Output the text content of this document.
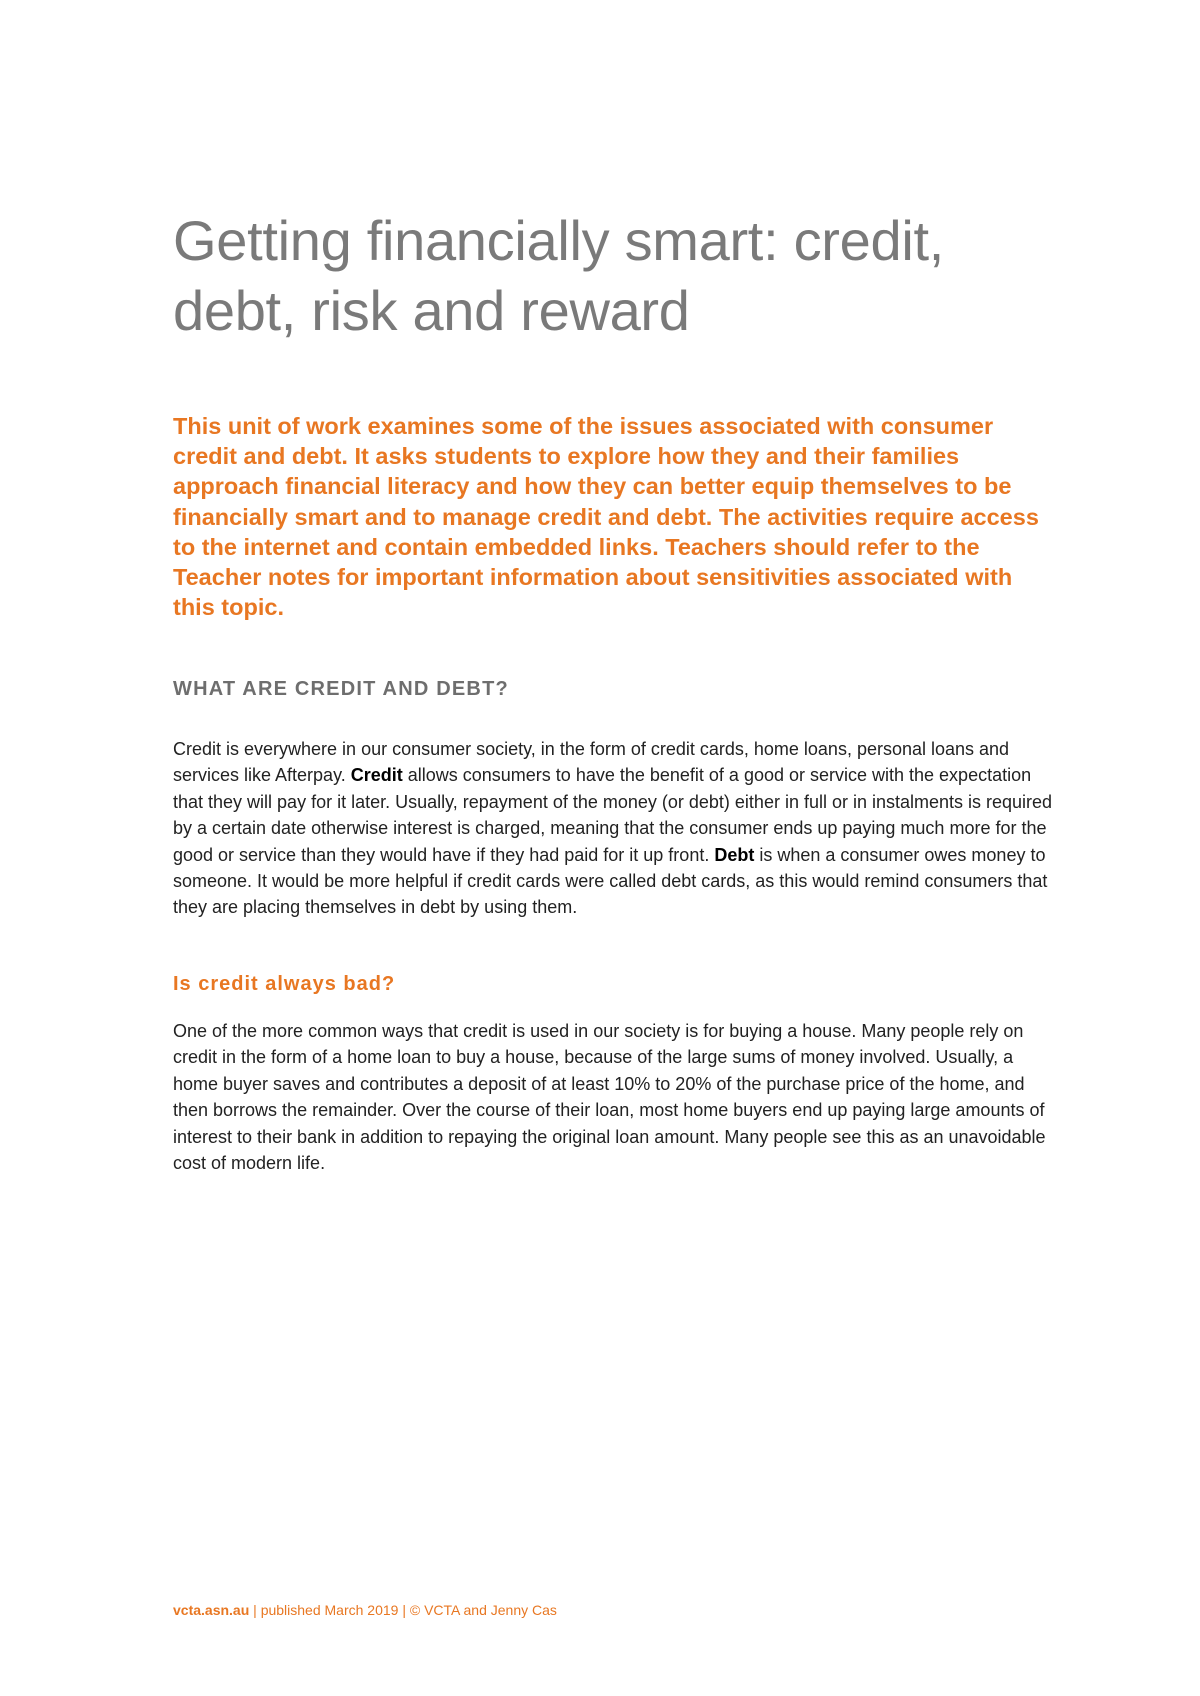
Getting financially smart: credit, debt, risk and reward

This unit of work examines some of the issues associated with consumer credit and debt. It asks students to explore how they and their families approach financial literacy and how they can better equip themselves to be financially smart and to manage credit and debt. The activities require access to the internet and contain embedded links. Teachers should refer to the Teacher notes for important information about sensitivities associated with this topic.

WHAT ARE CREDIT AND DEBT?

Credit is everywhere in our consumer society, in the form of credit cards, home loans, personal loans and services like Afterpay. Credit allows consumers to have the benefit of a good or service with the expectation that they will pay for it later. Usually, repayment of the money (or debt) either in full or in instalments is required by a certain date otherwise interest is charged, meaning that the consumer ends up paying much more for the good or service than they would have if they had paid for it up front. Debt is when a consumer owes money to someone. It would be more helpful if credit cards were called debt cards, as this would remind consumers that they are placing themselves in debt by using them.

Is credit always bad?

One of the more common ways that credit is used in our society is for buying a house. Many people rely on credit in the form of a home loan to buy a house, because of the large sums of money involved. Usually, a home buyer saves and contributes a deposit of at least 10% to 20% of the purchase price of the home, and then borrows the remainder. Over the course of their loan, most home buyers end up paying large amounts of interest to their bank in addition to repaying the original loan amount. Many people see this as an unavoidable cost of modern life.

vcta.asn.au | published March 2019 | © VCTA and Jenny Cas
